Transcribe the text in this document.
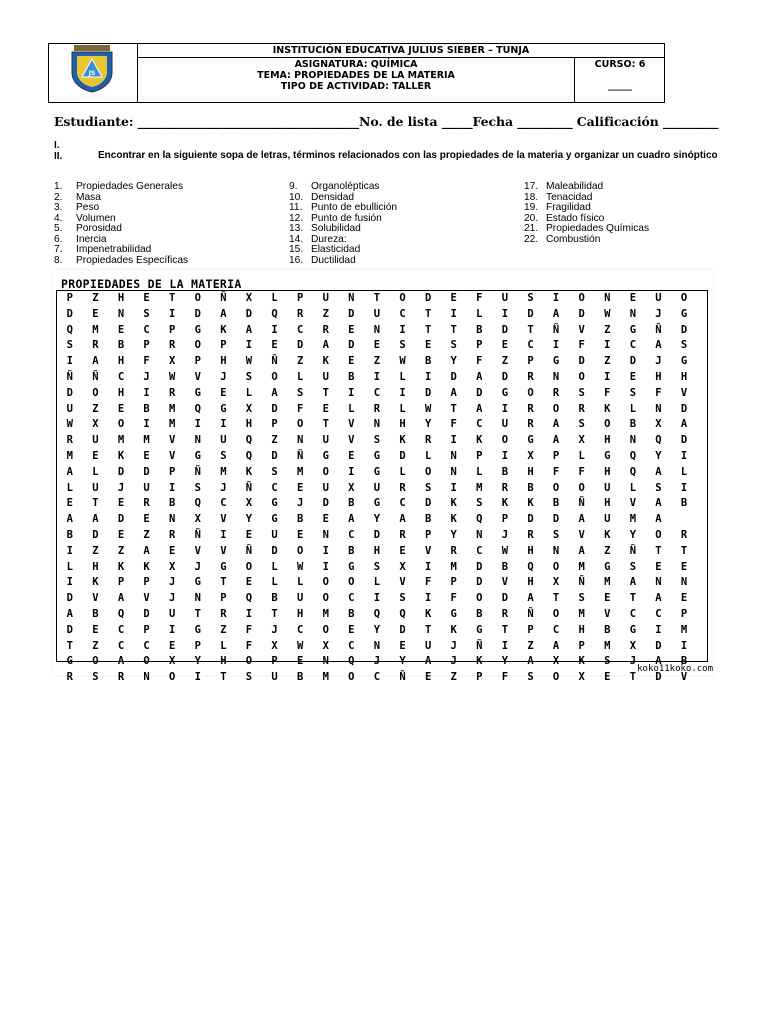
JS
INSTITUCIÓN EDUCATIVA JULIUS SIEBER – TUNJA
ASIGNATURA: QUÍMICA
TEMA: PROPIEDADES DE LA MATERIA
TIPO DE ACTIVIDAD: TALLER
CURSO: 6
_____
Estudiante: ____________________________________No. de lista _____Fecha _________ Calificación _________
I.
II.	Encontrar en la siguiente sopa de letras, términos relacionados con las propiedades de la materia y organizar un cuadro sinóptico
1. Propiedades Generales
2. Masa
3. Peso
4. Volumen
5. Porosidad
6. Inercia
7. Impenetrabilidad
8. Propiedades Específicas
9. Organolépticas
10. Densidad
11. Punto de ebullición
12. Punto de fusión
13. Solubilidad
14. Dureza:
15. Elasticidad
16. Ductilidad
17. Maleabilidad
18. Tenacidad
19. Fragilidad
20. Estado físico
21. Propiedades Químicas
22. Combustión
PROPIEDADES DE LA MATERIA
P	Z	H	E	T	O	Ñ	X	L	P	U	N	T	O	D	E	F	U	S	I	O	N	E	U	O
D	E	N	S	I	D	A	D	Q	R	Z	D	U	C	T	I	L	I	D	A	D	W	N	J	G
Q	M	E	C	P	G	K	A	I	C	R	E	N	I	T	T	B	D	T	Ñ	V	Z	G	Ñ	D
S	R	B	P	R	O	P	I	E	D	A	D	E	S	E	S	P	E	C	I	F	I	C	A	S
I	A	H	F	X	P	H	W	Ñ	Z	K	E	Z	W	B	Y	F	Z	P	G	D	Z	D	J	G
Ñ	Ñ	C	J	W	V	J	S	O	L	U	B	I	L	I	D	A	D	R	N	O	I	E	H	H
D	O	H	I	R	G	E	L	A	S	T	I	C	I	D	A	D	G	O	R	S	F	S	F	V
U	Z	E	B	M	Q	G	X	D	F	E	L	R	L	W	T	A	I	R	O	R	K	L	N	D
W	X	O	I	M	I	I	H	P	O	T	V	N	H	Y	F	C	U	R	A	S	O	B	X	A
R	U	M	M	V	N	U	Q	Z	N	U	V	S	K	R	I	K	O	G	A	X	H	N	Q	D
M	E	K	E	V	G	S	Q	D	Ñ	G	E	G	D	L	N	P	I	X	P	L	G	Q	Y	I
A	L	D	D	P	Ñ	M	K	S	M	O	I	G	L	O	N	L	B	H	F	F	H	Q	A	L
L	U	J	U	I	S	J	Ñ	C	E	U	X	U	R	S	I	M	R	B	O	O	U	L	S	I
E	T	E	R	B	Q	C	X	G	J	D	B	G	C	D	K	S	K	K	B	Ñ	H	V	A	B
A	A	D	E	N	X	V	Y	G	B	E	A	Y	A	B	K	Q	P	D	D	A	U	M	A
B	D	E	Z	R	Ñ	I	E	U	E	N	C	D	R	P	Y	N	J	R	S	V	K	Y	O	R
I	Z	Z	A	E	V	V	Ñ	D	O	I	B	H	E	V	R	C	W	H	N	A	Z	Ñ	T	T
L	H	K	K	X	J	G	O	L	W	I	G	S	X	I	M	D	B	Q	O	M	G	S	E	E
I	K	P	P	J	G	T	E	L	L	O	O	L	V	F	P	D	V	H	X	Ñ	M	A	N	N
D	V	A	V	J	N	P	Q	B	U	O	C	I	S	I	F	O	D	A	T	S	E	T	A	E
A	B	Q	D	U	T	R	I	T	H	M	B	Q	Q	K	G	B	R	Ñ	O	M	V	C	C	P
D	E	C	P	I	G	Z	F	J	C	O	E	Y	D	T	K	G	T	P	C	H	B	G	I	M
T	Z	C	C	E	P	L	F	X	W	X	C	N	E	U	J	Ñ	I	Z	A	P	M	X	D	I
G	O	A	O	X	Y	H	O	P	E	N	Q	J	Y	A	J	K	Y	A	X	K	S	J	A	B
R	S	R	N	O	I	T	S	U	B	M	O	C	Ñ	E	Z	P	F	S	O	X	E	T	D	V
koko11koko.com
